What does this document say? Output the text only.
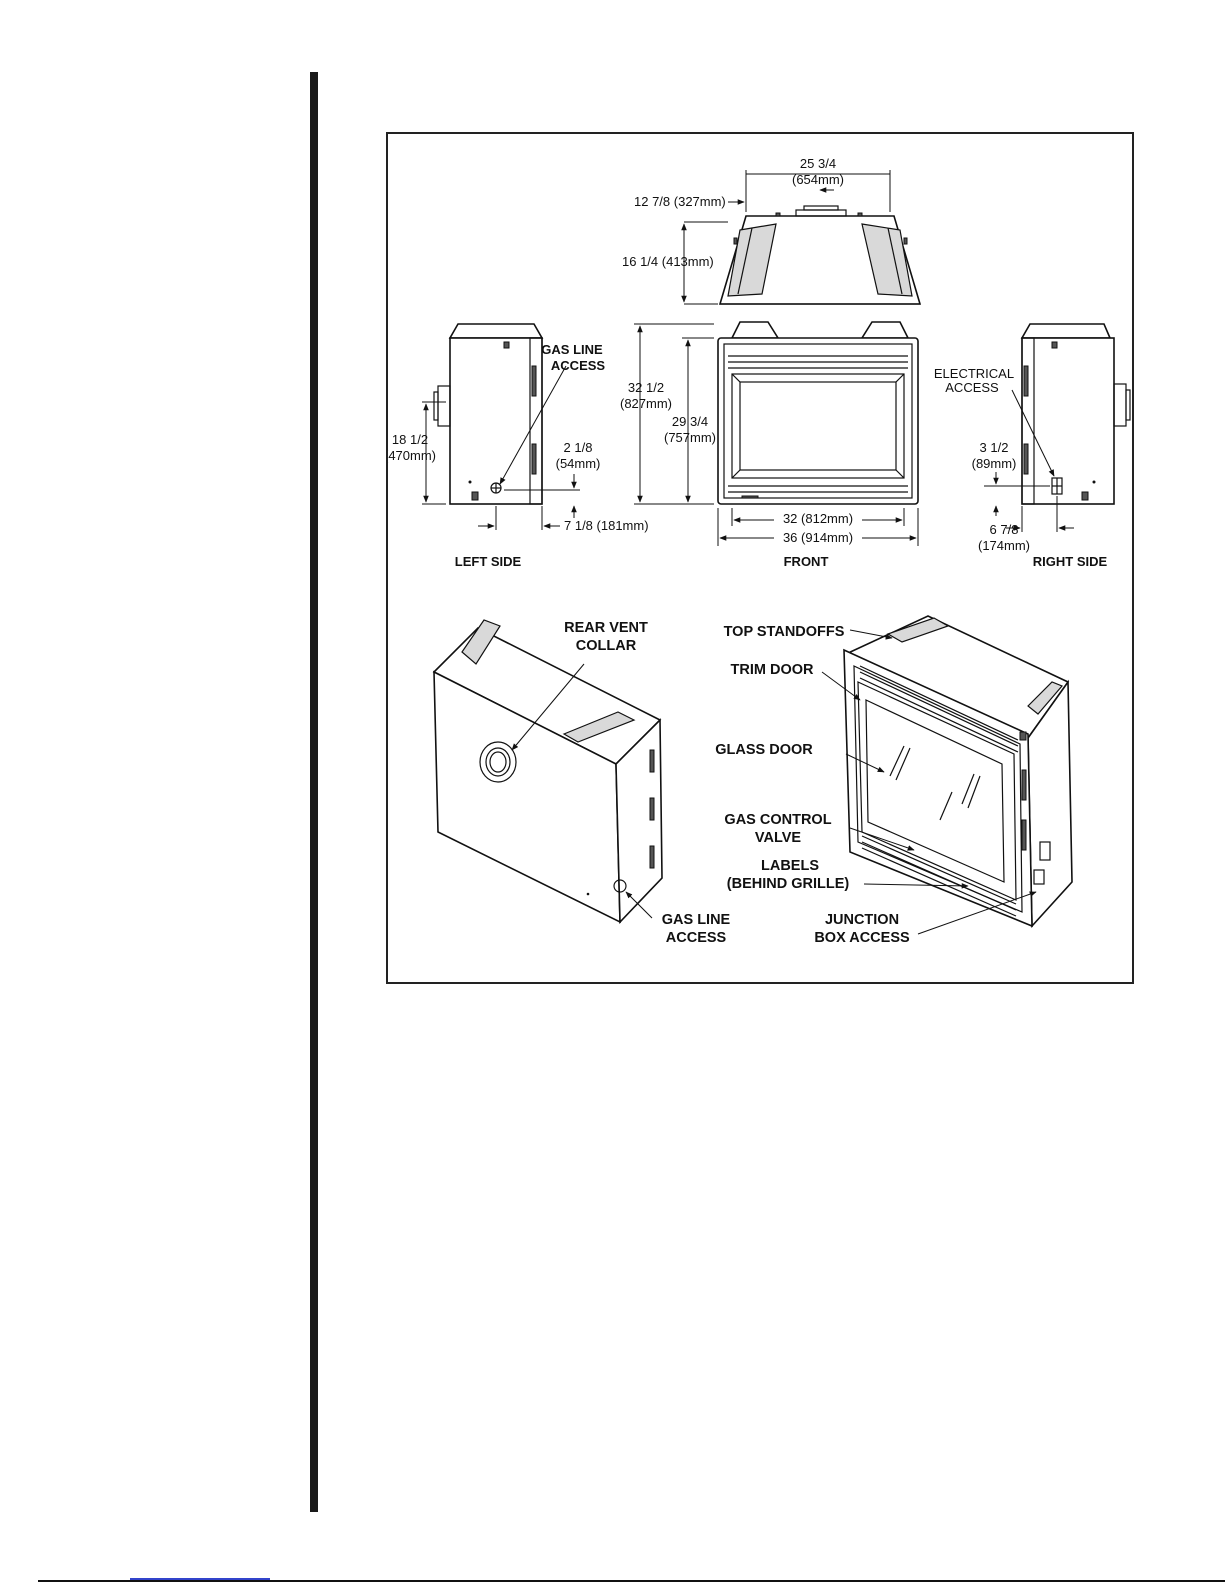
25 3/4
(654mm)
12 7/8 (327mm)
16 1/4 (413mm)
18 1/2
(470mm)
2 1/8
(54mm)
7 1/8 (181mm)
GAS LINE
ACCESS
32 1/2
(827mm)
29 3/4
(757mm)
32 (812mm)
36 (914mm)
3 1/2
(89mm)
6 7/8
(174mm)
ELECTRICAL
ACCESS
LEFT SIDE	FRONT	RIGHT SIDE
REAR VENT
COLLAR
GAS LINE
ACCESS
TOP STANDOFFS
TRIM DOOR
GLASS DOOR
GAS CONTROL
VALVE
LABELS
(BEHIND GRILLE)
JUNCTION
BOX ACCESS
